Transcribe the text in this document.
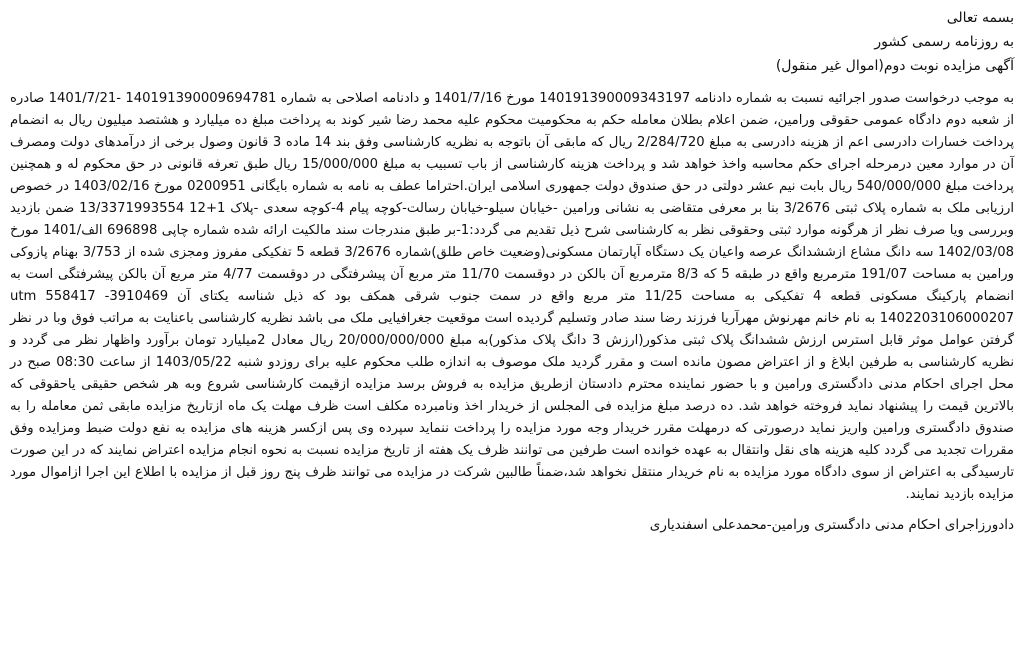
بسمه تعالی

به روزنامه رسمی کشور

آگهی مزایده نوبت دوم(اموال غیر منقول)

به موجب درخواست صدور اجرائیه نسبت به شماره دادنامه 140191390009343197 مورخ 1401/7/16 و دادنامه اصلاحی به شماره 140191390009694781 -1401/7/21 صادره از شعبه دوم دادگاه عمومی حقوقی ورامین، ضمن اعلام بطلان معامله حکم به محکومیت محکوم علیه محمد رضا شیر کوند به پرداخت مبلغ ده میلیارد و هشتصد میلیون ریال به انضمام پرداخت خسارات دادرسی اعم از هزینه دادرسی به مبلغ 2/284/720 ریال که مابقی آن باتوجه به نظریه کارشناسی وفق بند 14 ماده 3 قانون وصول برخی از درآمدهای دولت ومصرف آن در موارد معین درمرحله اجرای حکم محاسبه واخذ خواهد شد و پرداخت هزینه کارشناسی از باب تسبیب به مبلغ 15/000/000 ریال طبق تعرفه قانونی در حق محکوم له و همچنین پرداخت مبلغ 540/000/000 ریال بابت نیم عشر دولتی در حق صندوق دولت جمهوری اسلامی ایران.احتراما عطف به نامه به شماره بایگانی 0200951 مورخ 1403/02/16 در خصوص ارزیابی ملک به شماره پلاک ثبتی 3/2676 بنا بر معرفی متقاضی به نشانی ورامین -خیابان سیلو-خیابان رسالت-کوچه پیام 4-کوچه سعدی -پلاک 1+12 13/3371993554 ضمن بازدید وبررسی ویا صرف نظر از هرگونه موارد ثبتی وحقوقی نظر به کارشناسی شرح ذیل تقدیم می گردد:1-بر طبق مندرجات سند مالکیت ارائه شده شماره چاپی 696898 الف/1401 مورخ 1402/03/08 سه دانگ مشاع ازششدانگ عرصه واعیان یک دستگاه آپارتمان مسکونی(وضعیت خاص طلق)شماره 3/2676 قطعه 5 تفکیکی مفروز ومجزی شده از 3/753 بهنام پازوکی ورامین به مساحت 191/07 مترمربع واقع در طبقه 5 که 8/3 مترمربع آن بالکن در دوقسمت 11/70 متر مربع آن پیشرفتگی در دوقسمت 4/77 متر مربع آن بالکن پیشرفتگی است به انضمام پارکینگ مسکونی قطعه 4 تفکیکی به مساحت 11/25 متر مربع واقع در سمت جنوب شرقی همکف بود که ذیل شناسه یکتای آن 3910469- 558417 utm 1402203106000207 به نام خانم مهرنوش مهرآریا فرزند رضا سند صادر وتسلیم گردیده است موقعیت جغرافیایی ملک می باشد نظریه کارشناسی باعنایت به مراتب فوق وبا در نظر گرفتن عوامل موثر قابل استرس ارزش ششدانگ پلاک ثبتی مذکور(ارزش 3 دانگ پلاک مذکور)به مبلغ 20/000/000/000 ریال معادل 2میلیارد تومان برآورد واظهار نظر می گردد و نظریه کارشناسی به طرفین ابلاغ و از اعتراض مصون مانده است و مقرر گردید ملک موصوف به اندازه طلب محکوم علیه برای روزدو شنبه 1403/05/22 از ساعت 08:30 صبح در محل اجرای احکام مدنی دادگستری ورامین و با حضور نماینده محترم دادستان ازطریق مزایده به فروش برسد مزایده ازقیمت کارشناسی شروع وبه هر شخص حقیقی یاحقوقی که بالاترین قیمت را پیشنهاد نماید فروخته خواهد شد. ده درصد مبلغ مزایده فی المجلس از خریدار اخذ ونامبرده مکلف است ظرف مهلت یک ماه ازتاریخ مزایده مابقی ثمن معامله را به صندوق دادگستری ورامین واریز نماید درصورتی که درمهلت مقرر خریدار وجه مورد مزایده را پرداخت ننماید سپرده وی پس ازکسر هزینه های مزایده به نفع دولت ضبط ومزایده وفق مقررات تجدید می گردد کلیه هزینه های نقل وانتقال به عهده خوانده است طرفین می توانند ظرف یک هفته از تاریخ مزایده نسبت به نحوه انجام مزایده اعتراض نمایند که در این صورت تارسیدگی به اعتراض از سوی دادگاه مورد مزایده به نام خریدار منتقل نخواهد شد،ضمناً طالبین شرکت در مزایده می توانند ظرف پنج روز قبل از مزایده با اطلاع این اجرا ازاموال مورد مزایده بازدید نمایند.

دادورزاجرای احکام مدنی دادگستری ورامین-محمدعلی اسفندیاری
